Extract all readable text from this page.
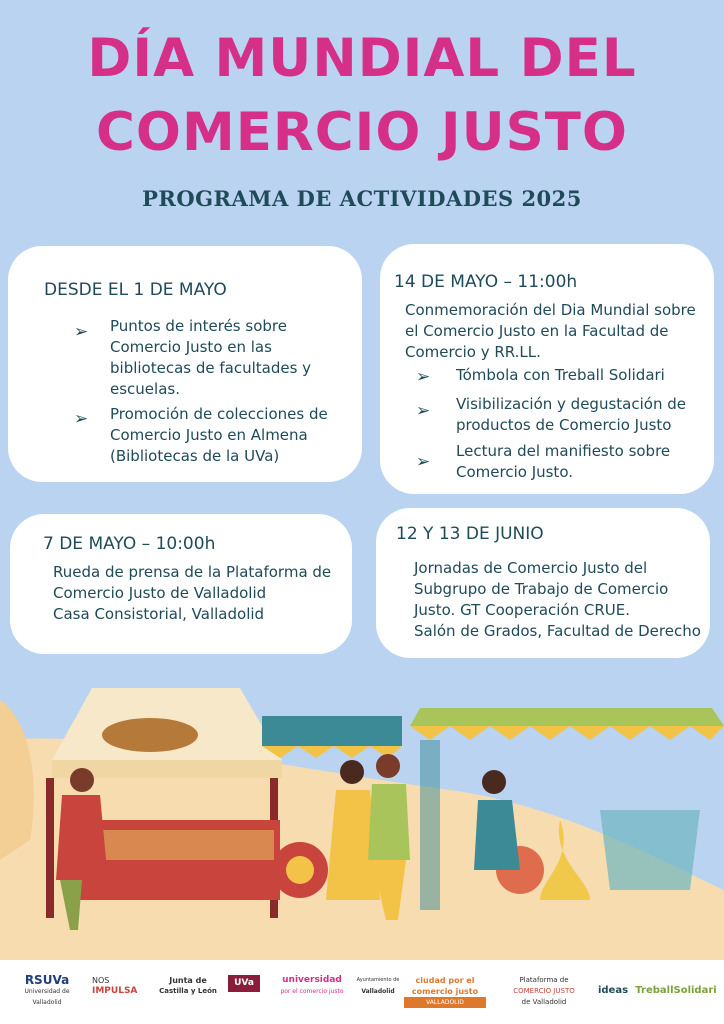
DÍA MUNDIAL DEL
COMERCIO JUSTO
PROGRAMA DE ACTIVIDADES 2025
DESDE EL 1 DE MAYO
➢ Puntos de interés sobre
Comercio Justo en las
bibliotecas de facultades y
escuelas.
➢ Promoción de colecciones de
Comercio Justo en Almena
(Bibliotecas de la UVa)
14 DE MAYO – 11:00h
Conmemoración del Dia Mundial sobre
el Comercio Justo en la Facultad de
Comercio y RR.LL.
➢ Tómbola con Treball Solidari
➢ Visibilización y degustación de
productos de Comercio Justo
➢
Lectura del manifiesto sobre
Comercio Justo.
7 DE MAYO – 10:00h
Rueda de prensa de la Plataforma de
Comercio Justo de Valladolid
Casa Consistorial, Valladolid
12 Y 13 DE JUNIO
Jornadas de Comercio Justo del
Subgrupo de Trabajo de Comercio
Justo. GT Cooperación CRUE.
Salón de Grados, Facultad de Derecho
RSUVa
Universidad de Valladolid
NOS
IMPULSA
Junta de
Castilla y León
UVa	universidad
por el comercio justo
Ayuntamiento de
Valladolid
ciudad por el
comercio justo
VALLADOLID
Plataforma de
COMERCIO JUSTO
de Valladolid
ideas TreballSolidari
